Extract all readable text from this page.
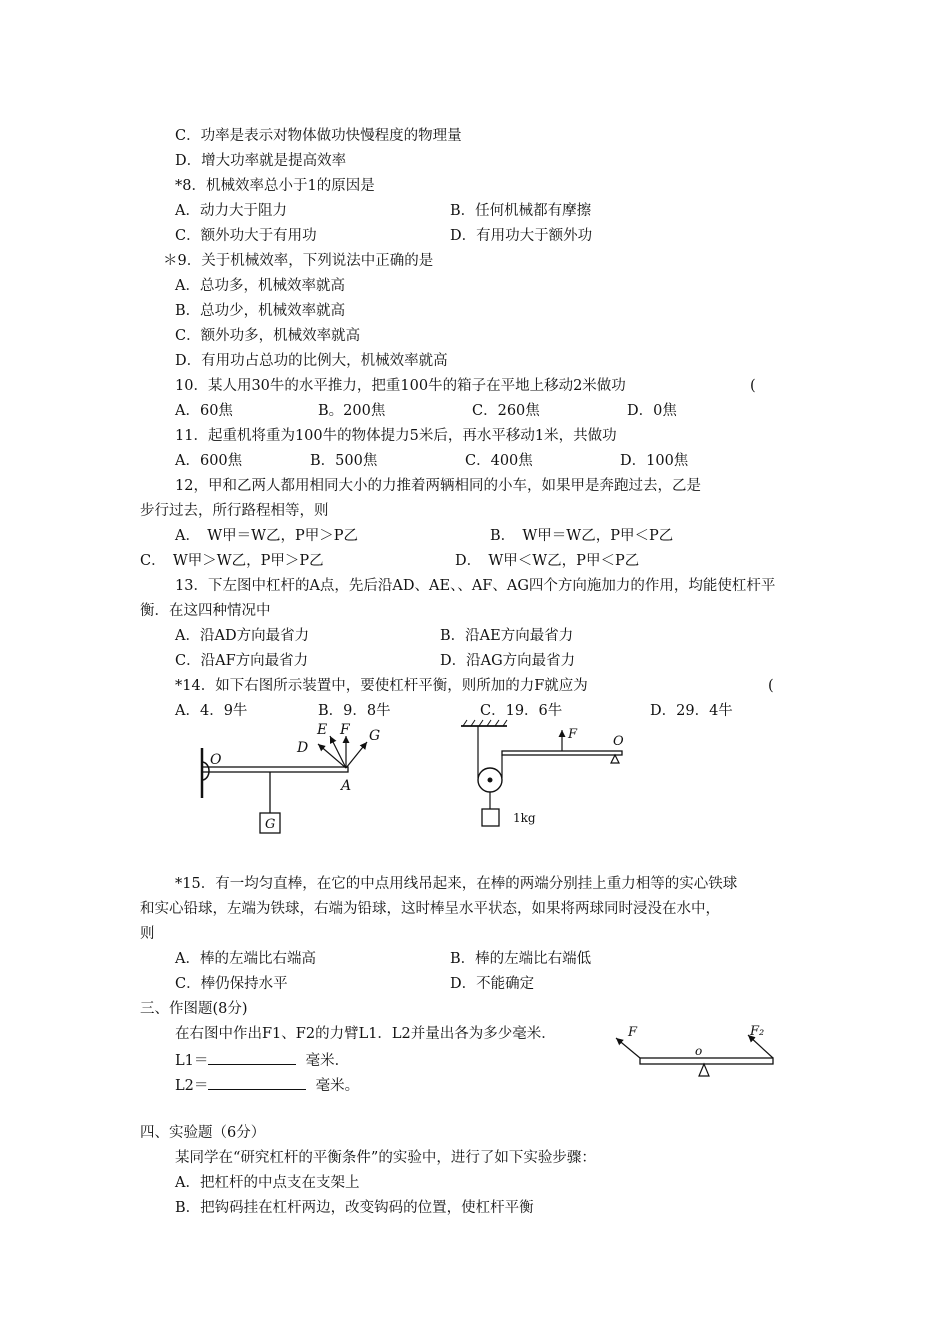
C．功率是表示对物体做功快慢程度的物理量
D．增大功率就是提高效率
*8．机械效率总小于1的原因是
A．动力大于阻力	B．任何机械都有摩擦
C．额外功大于有用功	D．有用功大于额外功
＊9．关于机械效率，下列说法中正确的是
A．总功多，机械效率就高
B．总功少，机械效率就高
C．额外功多，机械效率就高
D．有用功占总功的比例大，机械效率就高
10．某人用30牛的水平推力，把重100牛的箱子在平地上移动2米做功	(
A．60焦	B。200焦	C．260焦	D．0焦
11．起重机将重为100牛的物体提力5米后，再水平移动1米，共做功
A．600焦	B．500焦	C．400焦	D．100焦
12，甲和乙两人都用相同大小的力推着两辆相同的小车，如果甲是奔跑过去，乙是
步行过去，所行路程相等，则
A．　W甲＝W乙，P甲＞P乙	B．　W甲＝W乙，P甲＜P乙
C．　W甲＞W乙，P甲＞P乙	D．　W甲＜W乙，P甲＜P乙
13．下左图中杠杆的A点，先后沿AD、AE、、AF、AG四个方向施加力的作用，均能使杠杆平
衡．在这四种情况中
A．沿AD方向最省力	B．沿AE方向最省力
C．沿AF方向最省力	D．沿AG方向最省力
*14．如下右图所示装置中，要使杠杆平衡，则所加的力F就应为	(
A．4．9牛	B．9．8牛	C．19．6牛	D．29．4牛
O
D
E F G
A
G
F	O
1kg
*15．有一均匀直棒，在它的中点用线吊起来，在棒的两端分别挂上重力相等的实心铁球
和实心铅球，左端为铁球，右端为铅球，这时棒呈水平状态，如果将两球同时浸没在水中，
则
A．棒的左端比右端高	B．棒的左端比右端低
C．棒仍保持水平	D．不能确定
三、作图题(8分)
在右图中作出F1、F2的力臂L1．L2并量出各为多少毫米．
L1＝	毫米．
L2＝	毫米。
F	F₂
o
四、实验题（6分）
某同学在“研究杠杆的平衡条件”的实验中，进行了如下实验步骤：
A．把杠杆的中点支在支架上
B．把钩码挂在杠杆两边，改变钩码的位置，使杠杆平衡
